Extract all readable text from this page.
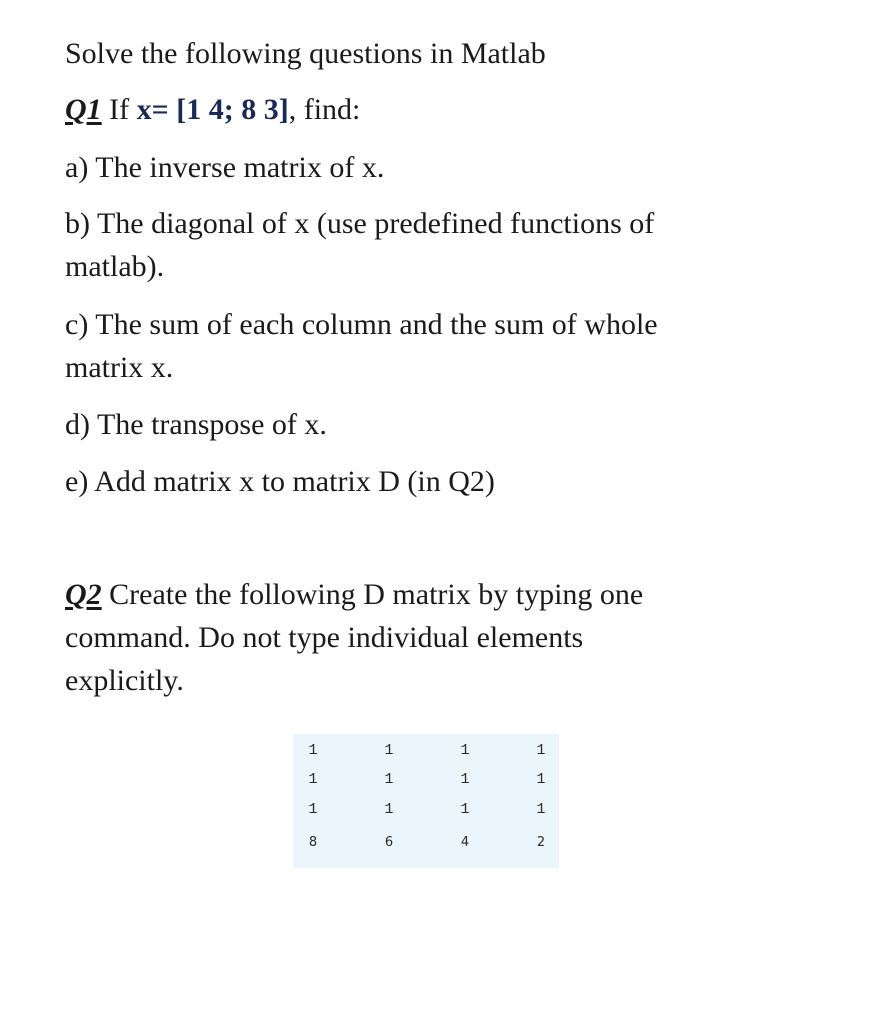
Solve the following questions in Matlab
Q1 If x= [1 4; 8 3], find:
a) The inverse matrix of x.
b) The diagonal of x (use predefined functions of
matlab).
c) The sum of each column and the sum of whole
matrix x.
d) The transpose of x.
e) Add matrix x to matrix D (in Q2)
Q2 Create the following D matrix by typing one
command. Do not type individual elements
explicitly.
1	1	1	1
1	1	1	1
1	1	1	1
8	6	4	2
